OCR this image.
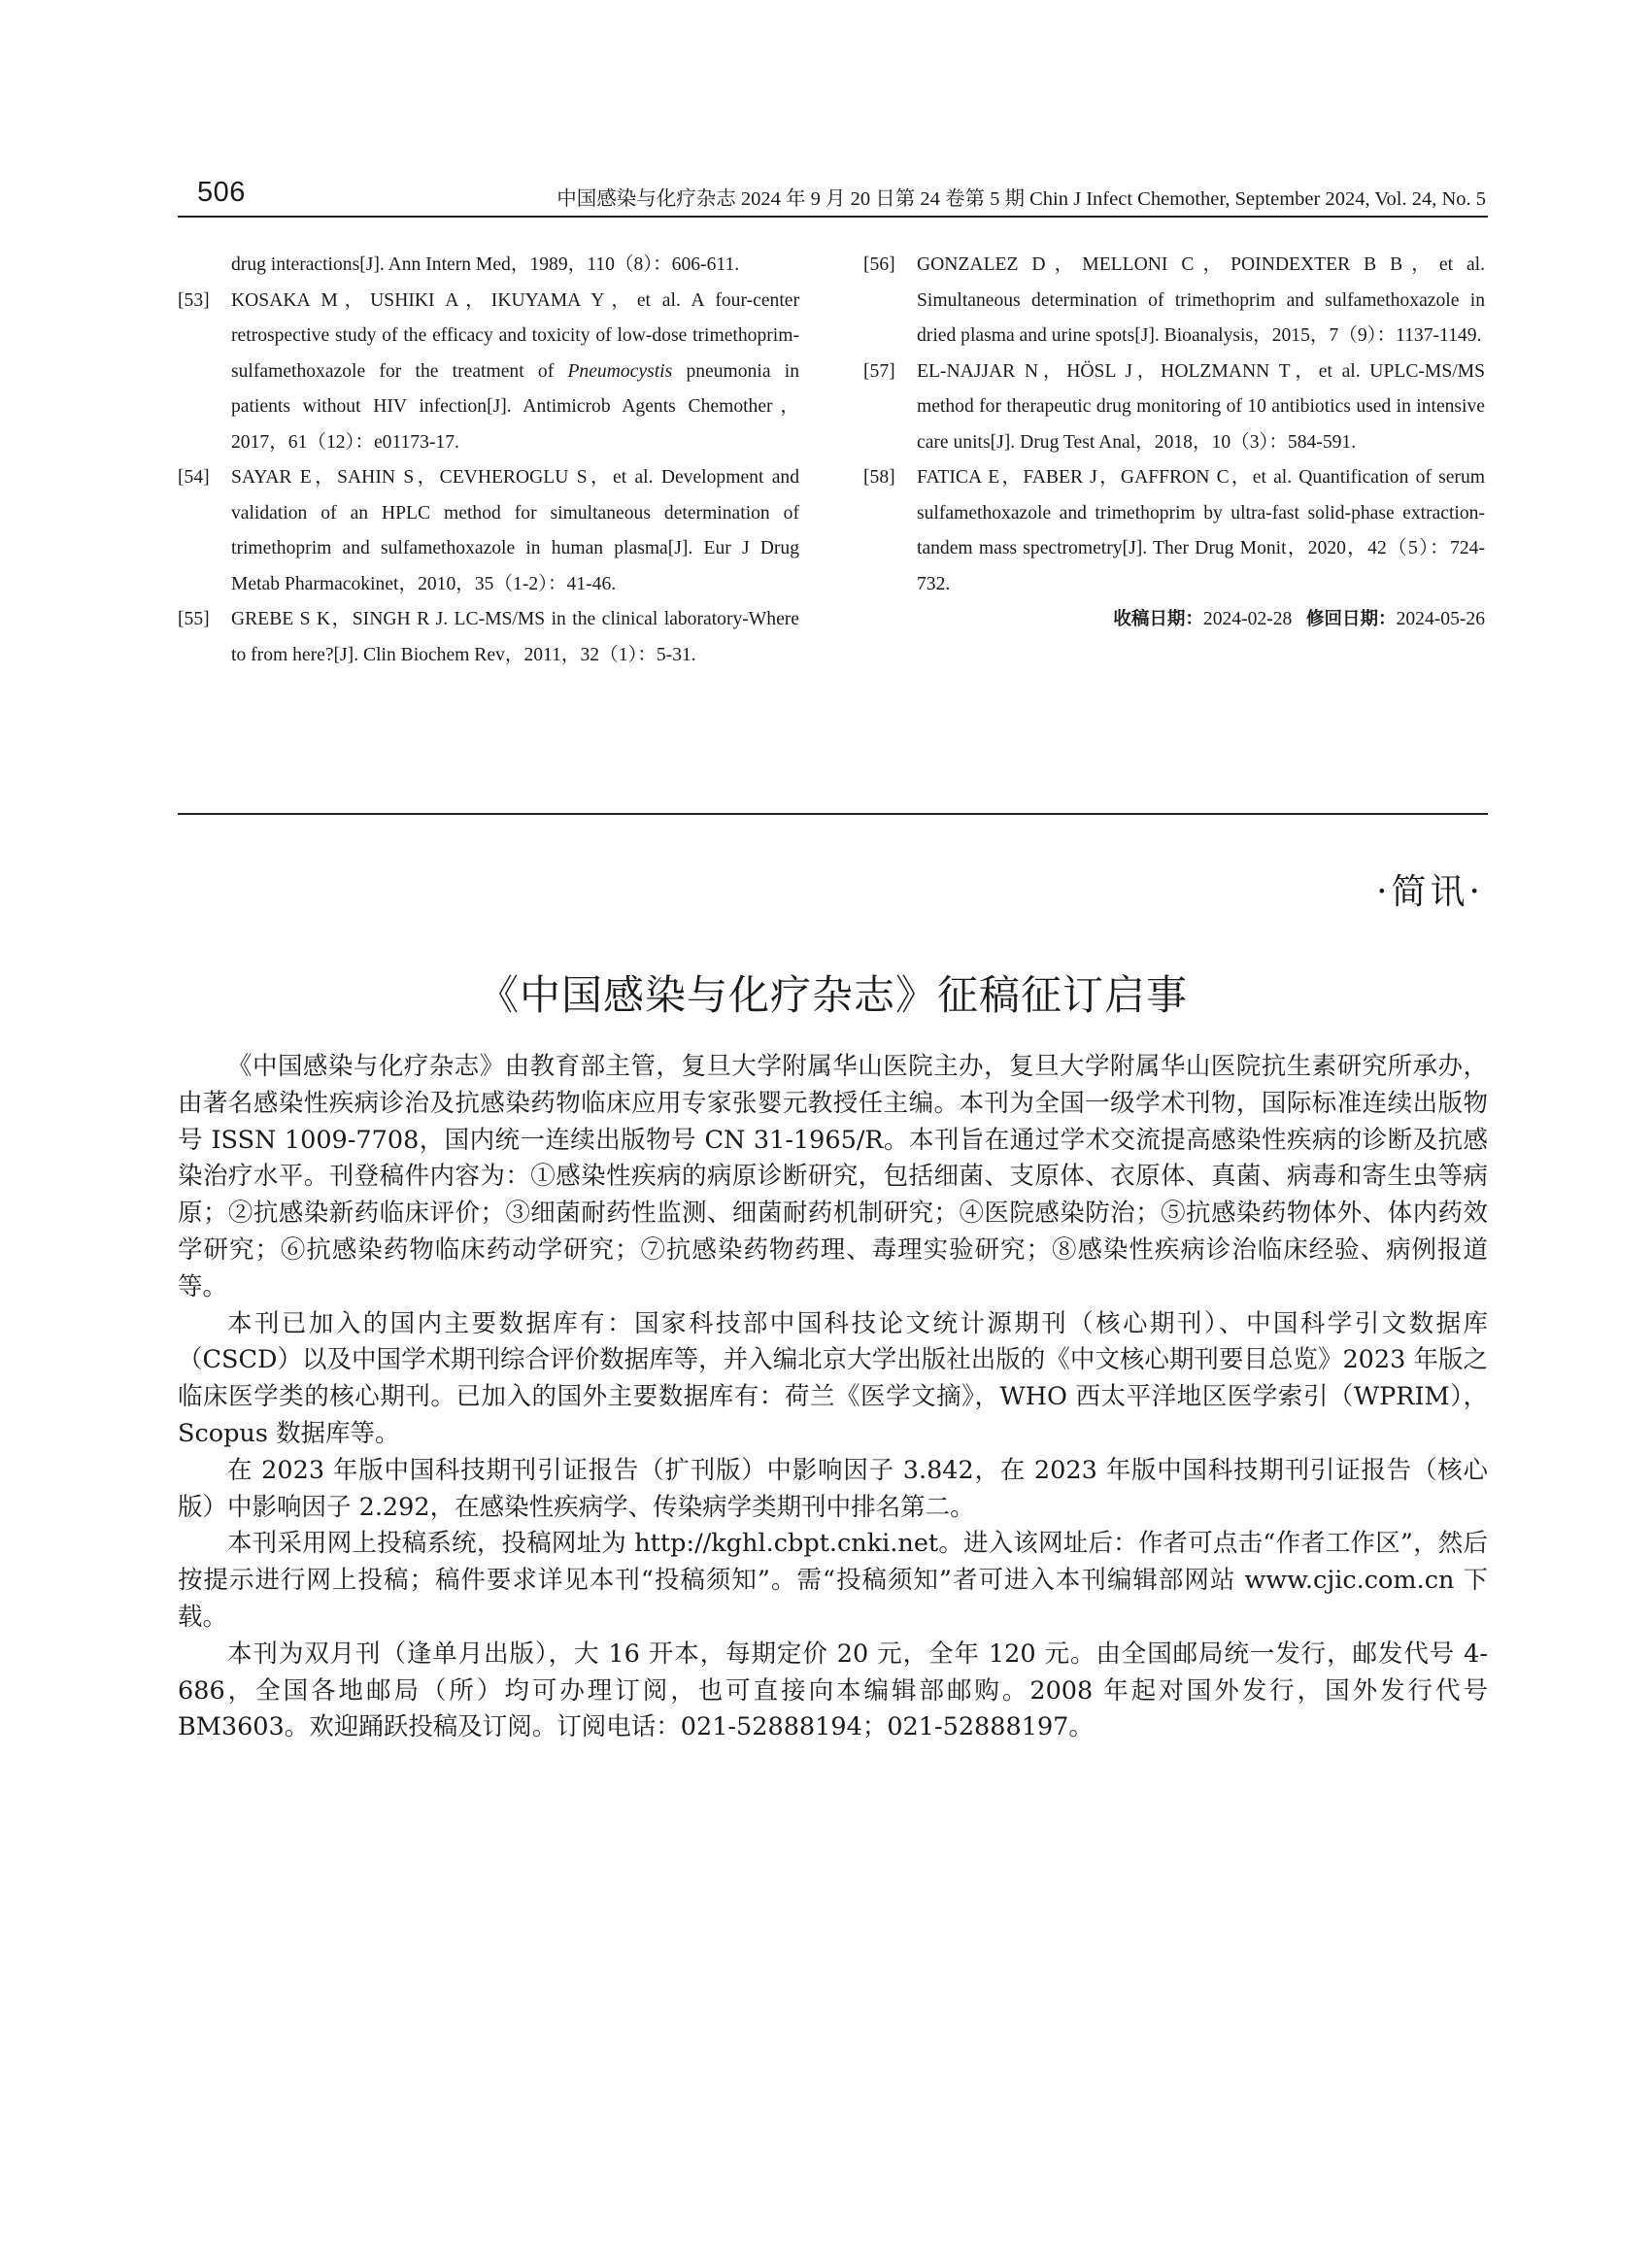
506	中国感染与化疗杂志 2024 年 9 月 20 日第 24 卷第 5 期 Chin J Infect Chemother, September 2024, Vol. 24, No. 5
drug interactions[J]. Ann Intern Med，1989，110（8）：606-611.
[53] KOSAKA M，USHIKI A，IKUYAMA Y，et al. A four-center retrospective study of the efficacy and toxicity of low-dose trimethoprim-sulfamethoxazole for the treatment of Pneumocystis pneumonia in patients without HIV infection[J]. Antimicrob Agents Chemother，2017，61（12）：e01173-17.
[54] SAYAR E，SAHIN S，CEVHEROGLU S，et al. Development and validation of an HPLC method for simultaneous determination of trimethoprim and sulfamethoxazole in human plasma[J]. Eur J Drug Metab Pharmacokinet，2010，35（1-2）：41-46.
[55] GREBE S K，SINGH R J. LC-MS/MS in the clinical laboratory-Where to from here?[J]. Clin Biochem Rev，2011，32（1）：5-31.
[56] GONZALEZ D，MELLONI C，POINDEXTER B B，et al. Simultaneous determination of trimethoprim and sulfamethoxazole in dried plasma and urine spots[J]. Bioanalysis，2015，7（9）：1137-1149.
[57] EL-NAJJAR N，HÖSL J，HOLZMANN T，et al. UPLC-MS/MS method for therapeutic drug monitoring of 10 antibiotics used in intensive care units[J]. Drug Test Anal，2018，10（3）：584-591.
[58] FATICA E，FABER J，GAFFRON C，et al. Quantification of serum sulfamethoxazole and trimethoprim by ultra-fast solid-phase extraction-tandem mass spectrometry[J]. Ther Drug Monit，2020，42（5）：724-732.
收稿日期：2024-02-28 修回日期：2024-05-26
·简讯·
《中国感染与化疗杂志》征稿征订启事

《中国感染与化疗杂志》由教育部主管，复旦大学附属华山医院主办，复旦大学附属华山医院抗生素研究所承办，由著名感染性疾病诊治及抗感染药物临床应用专家张婴元教授任主编。本刊为全国一级学术刊物，国际标准连续出版物号 ISSN 1009-7708，国内统一连续出版物号 CN 31-1965/R。本刊旨在通过学术交流提高感染性疾病的诊断及抗感染治疗水平。刊登稿件内容为：①感染性疾病的病原诊断研究，包括细菌、支原体、衣原体、真菌、病毒和寄生虫等病原；②抗感染新药临床评价；③细菌耐药性监测、细菌耐药机制研究；④医院感染防治；⑤抗感染药物体外、体内药效学研究；⑥抗感染药物临床药动学研究；⑦抗感染药物药理、毒理实验研究；⑧感染性疾病诊治临床经验、病例报道等。

本刊已加入的国内主要数据库有：国家科技部中国科技论文统计源期刊（核心期刊）、中国科学引文数据库（CSCD）以及中国学术期刊综合评价数据库等，并入编北京大学出版社出版的《中文核心期刊要目总览》2023 年版之临床医学类的核心期刊。已加入的国外主要数据库有：荷兰《医学文摘》，WHO 西太平洋地区医学索引（WPRIM），Scopus 数据库等。

在 2023 年版中国科技期刊引证报告（扩刊版）中影响因子 3.842，在 2023 年版中国科技期刊引证报告（核心版）中影响因子 2.292，在感染性疾病学、传染病学类期刊中排名第二。

本刊采用网上投稿系统，投稿网址为 http://kghl.cbpt.cnki.net。进入该网址后：作者可点击“作者工作区”，然后按提示进行网上投稿；稿件要求详见本刊“投稿须知”。需“投稿须知”者可进入本刊编辑部网站 www.cjic.com.cn 下载。

本刊为双月刊（逢单月出版），大 16 开本，每期定价 20 元，全年 120 元。由全国邮局统一发行，邮发代号 4-686，全国各地邮局（所）均可办理订阅，也可直接向本编辑部邮购。2008 年起对国外发行，国外发行代号 BM3603。欢迎踊跃投稿及订阅。订阅电话：021-52888194；021-52888197。
